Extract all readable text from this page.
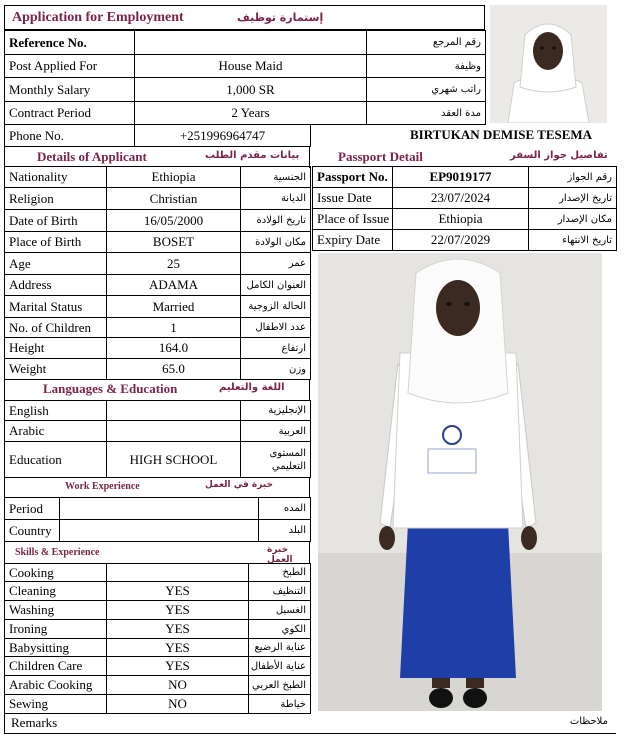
Application for Employment	إستمارة توظيف
Reference No.		رقم المرجع
Post Applied For	House Maid	وظيفة
Monthly Salary	1,000 SR	راتب شهري
Contract Period	2 Years	مدة العقد
Phone No.	+251996964747	BIRTUKAN DEMISE TESEMA
Details of Applicant	بيانات مقدم الطلب
Nationality	Ethiopia	الجنسية
Religion	Christian	الديانة
Date of Birth	16/05/2000	تاريخ الولادة
Place of Birth	BOSET	مكان الولادة
Age	25	عمر
Address	ADAMA	العنوان الكامل
Marital Status	Married	الحالة الزوجية
No. of Children	1	عدد الاطفال
Height	164.0	ارتفاع
Weight	65.0	وزن
Languages & Education	اللغة والتعليم
English		الإنجليزية
Arabic		العربية
Education	HIGH SCHOOL	المستوى التعليمي
Work Experience	خبرة في العمل
Period		المده
Country		البلد
Skills & Experience	خبرة العمل
Cooking		الطبخ
Cleaning	YES	التنظيف
Washing	YES	الغسيل
Ironing	YES	الكوي
Babysitting	YES	عناية الرضيع
Children Care	YES	عناية الأطفال
Arabic Cooking	NO	الطبخ العربي
Sewing	NO	خياطة
Remarks	ملاحظات
Passport Detail	تفاصيل جواز السفر
Passport No.	EP9019177	رقم الجواز
Issue Date	23/07/2024	تاريخ الإصدار
Place of Issue	Ethiopia	مكان الإصدار
Expiry Date	22/07/2029	تاريخ الانتهاء
